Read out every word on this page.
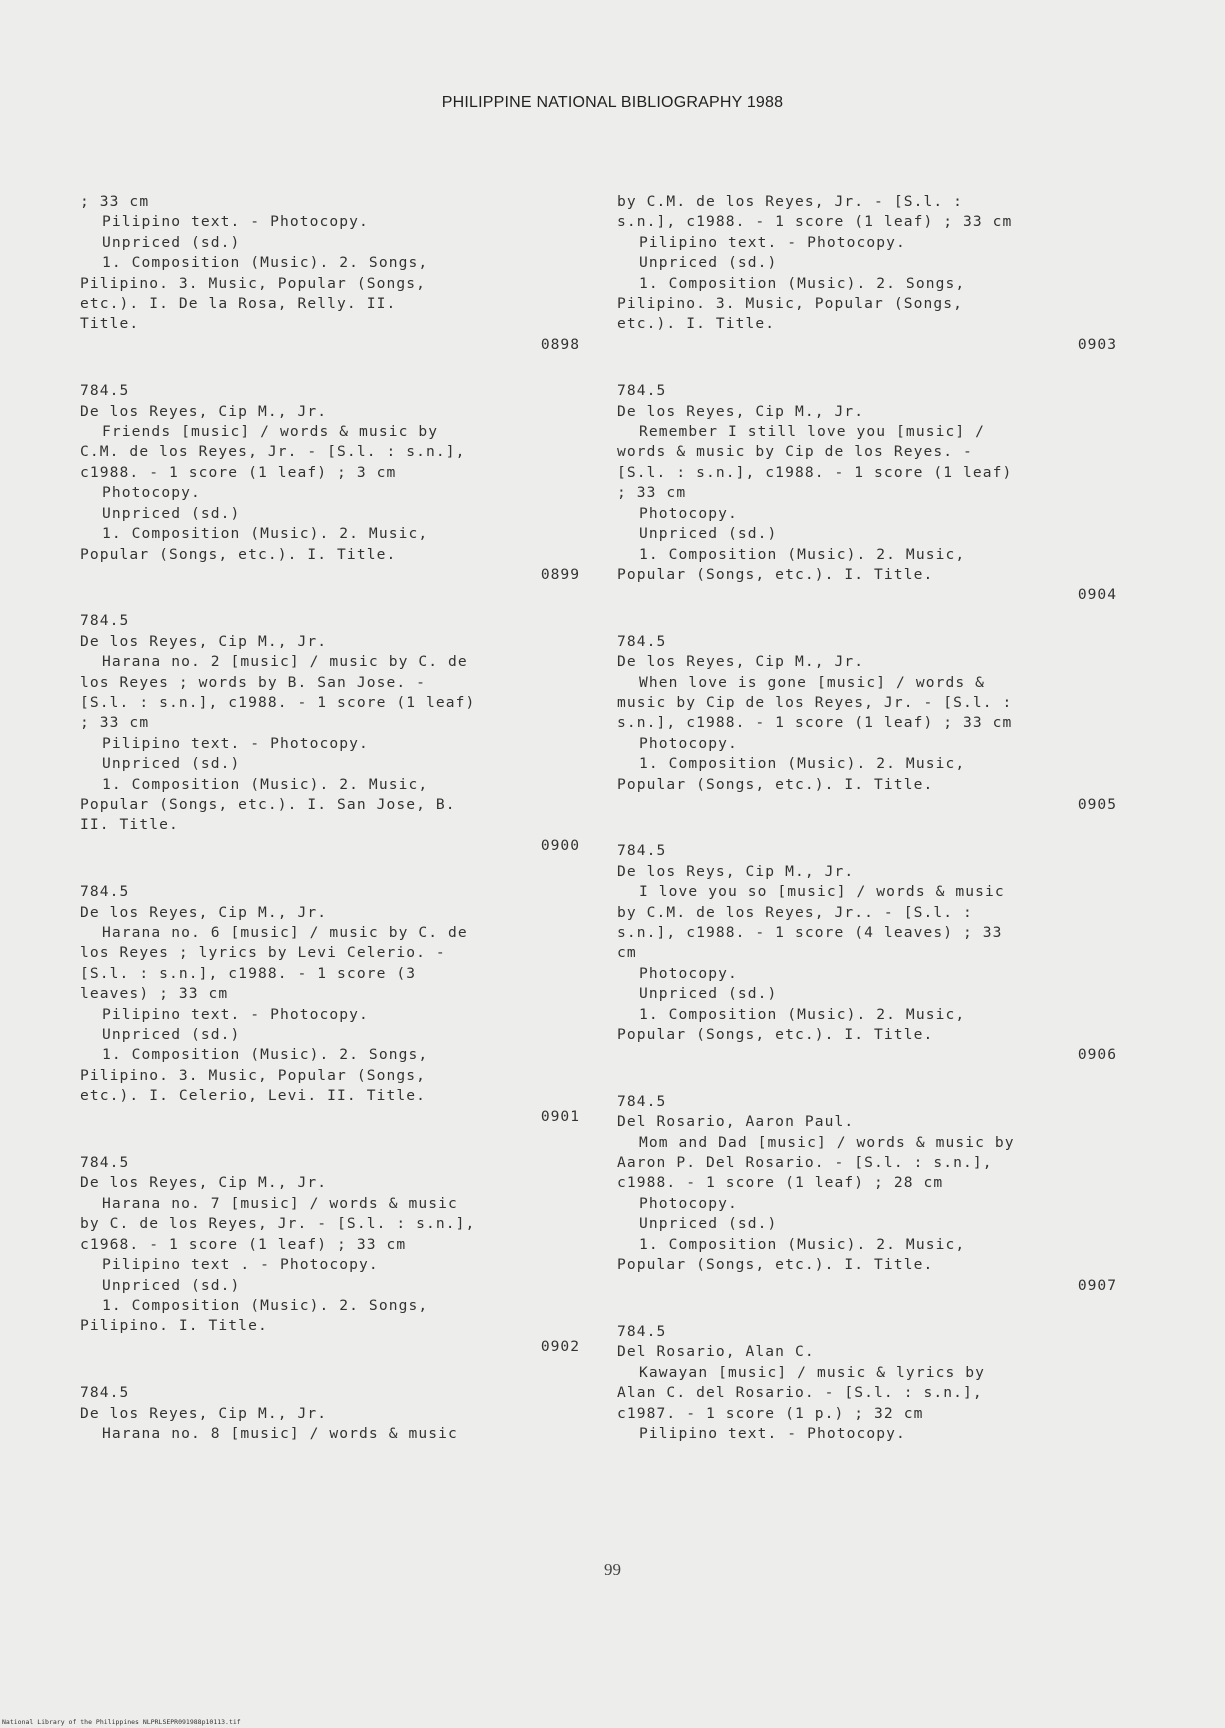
PHILIPPINE NATIONAL BIBLIOGRAPHY 1988
; 33 cm
Pilipino text. - Photocopy.
Unpriced (sd.)
1. Composition (Music). 2. Songs,
Pilipino. 3. Music, Popular (Songs,
etc.). I. De la Rosa, Relly. II.
Title.
0898
784.5
De los Reyes, Cip M., Jr.
Friends [music] / words & music by
C.M. de los Reyes, Jr. - [S.l. : s.n.],
c1988. - 1 score (1 leaf) ; 3 cm
Photocopy.
Unpriced (sd.)
1. Composition (Music). 2. Music,
Popular (Songs, etc.). I. Title.
0899
784.5
De los Reyes, Cip M., Jr.
Harana no. 2 [music] / music by C. de
los Reyes ; words by B. San Jose. -
[S.l. : s.n.], c1988. - 1 score (1 leaf)
; 33 cm
Pilipino text. - Photocopy.
Unpriced (sd.)
1. Composition (Music). 2. Music,
Popular (Songs, etc.). I. San Jose, B.
II. Title.
0900
784.5
De los Reyes, Cip M., Jr.
Harana no. 6 [music] / music by C. de
los Reyes ; lyrics by Levi Celerio. -
[S.l. : s.n.], c1988. - 1 score (3
leaves) ; 33 cm
Pilipino text. - Photocopy.
Unpriced (sd.)
1. Composition (Music). 2. Songs,
Pilipino. 3. Music, Popular (Songs,
etc.). I. Celerio, Levi. II. Title.
0901
784.5
De los Reyes, Cip M., Jr.
Harana no. 7 [music] / words & music
by C. de los Reyes, Jr. - [S.l. : s.n.],
c1968. - 1 score (1 leaf) ; 33 cm
Pilipino text . - Photocopy.
Unpriced (sd.)
1. Composition (Music). 2. Songs,
Pilipino. I. Title.
0902
784.5
De los Reyes, Cip M., Jr.
Harana no. 8 [music] / words & music
by C.M. de los Reyes, Jr. - [S.l. :
s.n.], c1988. - 1 score (1 leaf) ; 33 cm
Pilipino text. - Photocopy.
Unpriced (sd.)
1. Composition (Music). 2. Songs,
Pilipino. 3. Music, Popular (Songs,
etc.). I. Title.
0903
784.5
De los Reyes, Cip M., Jr.
Remember I still love you [music] /
words & music by Cip de los Reyes. -
[S.l. : s.n.], c1988. - 1 score (1 leaf)
; 33 cm
Photocopy.
Unpriced (sd.)
1. Composition (Music). 2. Music,
Popular (Songs, etc.). I. Title.
0904
784.5
De los Reyes, Cip M., Jr.
When love is gone [music] / words &
music by Cip de los Reyes, Jr. - [S.l. :
s.n.], c1988. - 1 score (1 leaf) ; 33 cm
Photocopy.
1. Composition (Music). 2. Music,
Popular (Songs, etc.). I. Title.
0905
784.5
De los Reys, Cip M., Jr.
I love you so [music] / words & music
by C.M. de los Reyes, Jr.. - [S.l. :
s.n.], c1988. - 1 score (4 leaves) ; 33
cm
Photocopy.
Unpriced (sd.)
1. Composition (Music). 2. Music,
Popular (Songs, etc.). I. Title.
0906
784.5
Del Rosario, Aaron Paul.
Mom and Dad [music] / words & music by
Aaron P. Del Rosario. - [S.l. : s.n.],
c1988. - 1 score (1 leaf) ; 28 cm
Photocopy.
Unpriced (sd.)
1. Composition (Music). 2. Music,
Popular (Songs, etc.). I. Title.
0907
784.5
Del Rosario, Alan C.
Kawayan [music] / music & lyrics by
Alan C. del Rosario. - [S.l. : s.n.],
c1987. - 1 score (1 p.) ; 32 cm
Pilipino text. - Photocopy.
99
National Library of the Philippines NLPRLSEPR091988p10113.tif
